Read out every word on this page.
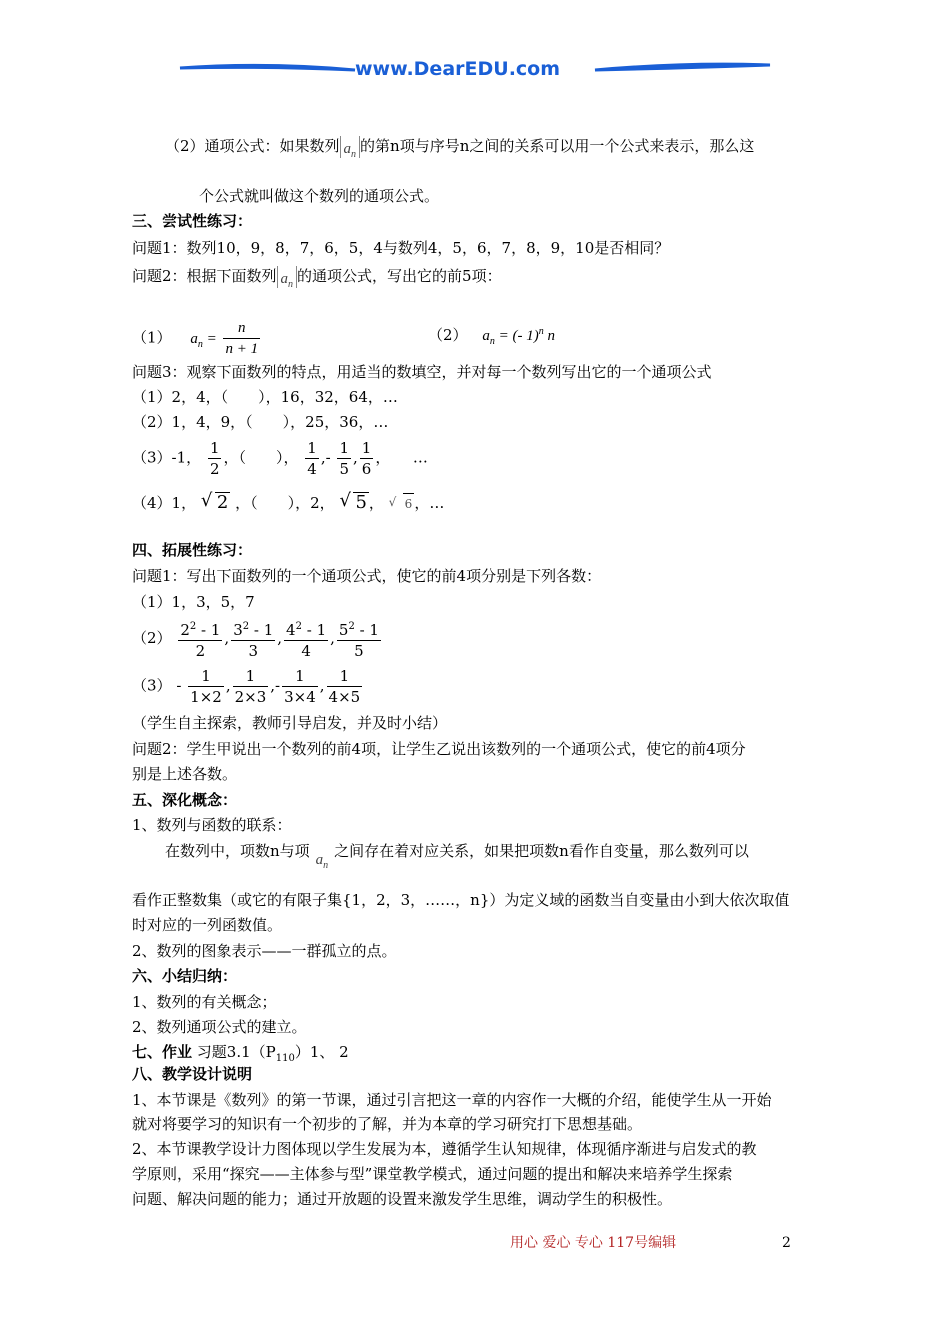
www.DearEDU.com
（2）通项公式：如果数列 $a_n$ 的第n项与序号n之间的关系可以用一个公式来表示，那么这
个公式就叫做这个数列的通项公式。
三、尝试性练习：
问题1：数列10，9，8，7，6，5，4与数列4，5，6，7，8，9，10是否相同？
问题2：根据下面数列 $a_n$ 的通项公式，写出它的前5项：
（1） $a_n = \frac{n}{n + 1}$	（2） $a_n$ = (- 1)$^n$ n
问题3：观察下面数列的特点，用适当的数填空，并对每一个数列写出它的一个通项公式
（1）2，4，（　　），16，32，64，…
（2）1，4，9，（　　），25，36，…
（3）-1， $\frac{1}{2}$ ，（　　）， $\frac{1}{4}$ ,- $\frac{1}{5}$ , $\frac{1}{6}$ ，　　…
（4）1， √ 2 ，（　　），2， √ 5 ， √ 6 ，…
四、拓展性练习：
问题1：写出下面数列的一个通项公式，使它的前4项分别是下列各数：
（1）1，3，5，7
$(2) \frac{2^2 - 1}{2}$ , $\frac{3^2 - 1}{3}$ , $\frac{4^2 - 1}{4}$ , $\frac{5^2 - 1}{5}$
$(3) - \frac{1}{1\times 2}$ , $\frac{1}{2\times 3}$ ,- $\frac{1}{3\times 4}$ , $\frac{1}{4\times 5}$
（学生自主探索，教师引导启发，并及时小结）
问题2：学生甲说出一个数列的前4项，让学生乙说出该数列的一个通项公式，使它的前4项分
别是上述各数。
五、深化概念：
1、数列与函数的联系：
在数列中，项数n与项 $a_n$之间存在着对应关系，如果把项数n看作自变量，那么数列可以
看作正整数集（或它的有限子集{1，2，3，……，n}）为定义域的函数当自变量由小到大依次取值
时对应的一列函数值。
2、数列的图象表示——一群孤立的点。
六、小结归纳：
1、数列的有关概念；
2、数列通项公式的建立。
七、作业 习题$3.1(P_{110})1$、 2
八、教学设计说明
1、本节课是《数列》的第一节课，通过引言把这一章的内容作一大概的介绍，能使学生从一开始
就对将要学习的知识有一个初步的了解，并为本章的学习研究打下思想基础。
2、本节课教学设计力图体现以学生发展为本，遵循学生认知规律，体现循序渐进与启发式的教
学原则，采用“探究——主体参与型”课堂教学模式，通过问题的提出和解决来培养学生探索
问题、解决问题的能力；通过开放题的设置来激发学生思维，调动学生的积极性。
用心 爱心 专心 117号编辑	2
